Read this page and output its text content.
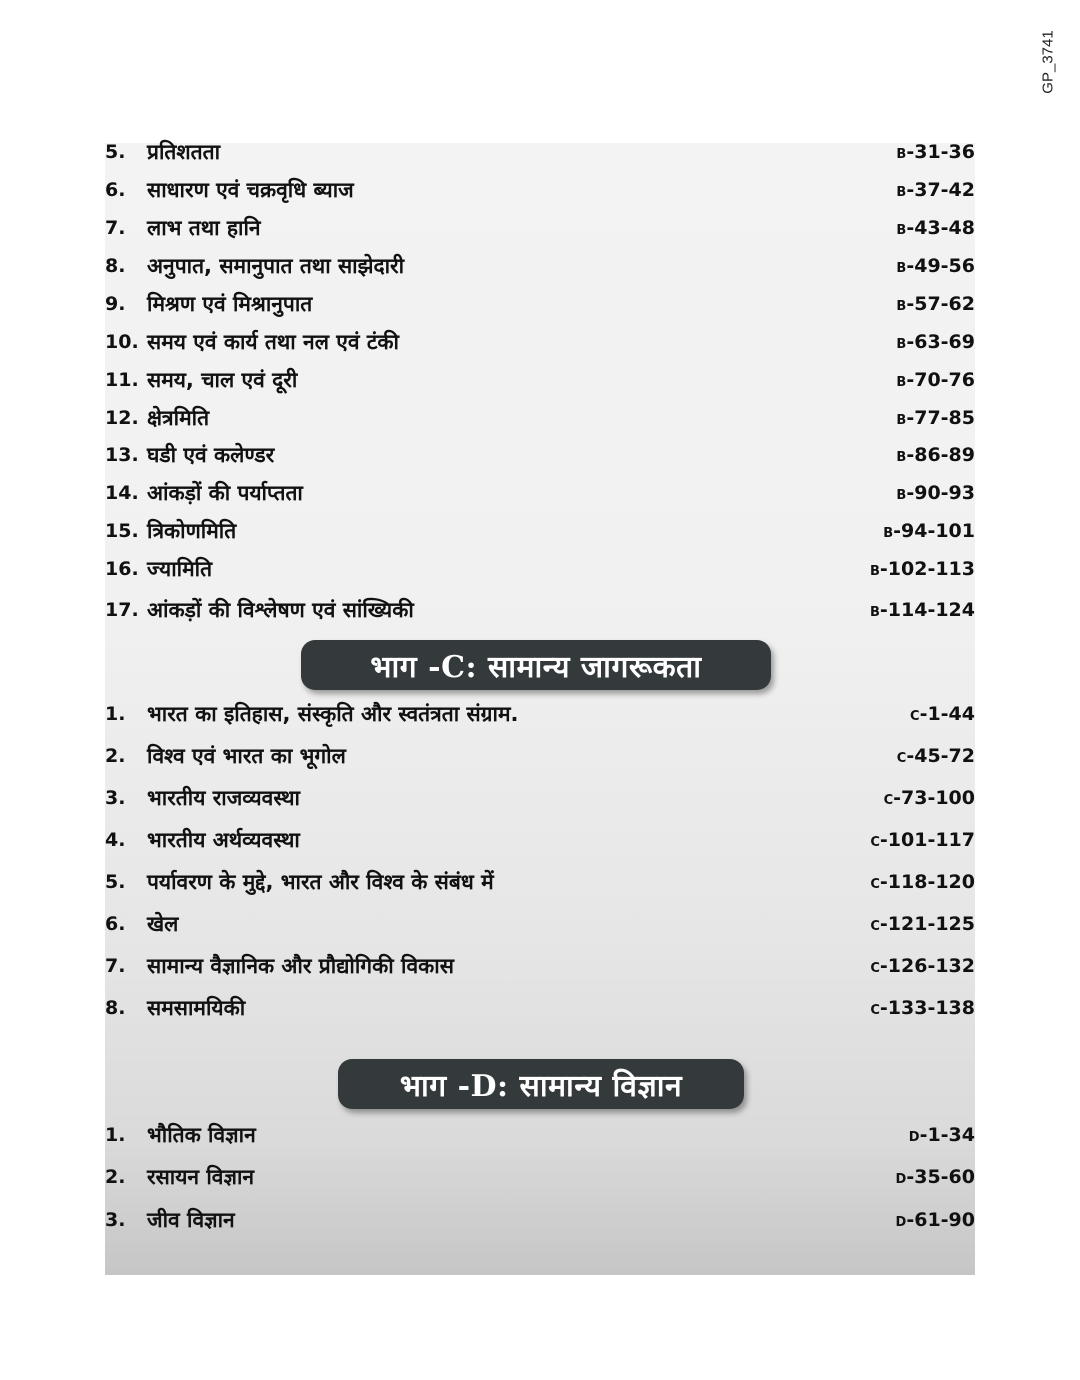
GP_3741
5.	प्रतिशतता	B-31-36
6.	साधारण एवं चक्रवृधि ब्याज	B-37-42
7.	लाभ तथा हानि	B-43-48
8.	अनुपात, समानुपात तथा साझेदारी	B-49-56
9.	मिश्रण एवं मिश्रानुपात	B-57-62
10. समय एवं कार्य तथा नल एवं टंकी	B-63-69
11. समय, चाल एवं दूरी	B-70-76
12. क्षेत्रमिति	B-77-85
13. घडी एवं कलेण्डर	B-86-89
14. आंकड़ों की पर्याप्तता	B-90-93
15. त्रिकोणमिति	B-94-101
16. ज्यामिति	B-102-113
17. आंकड़ों की विश्लेषण एवं सांख्यिकी	B-114-124
भाग -C: सामान्य जागरूकता
1.	भारत का इतिहास, संस्कृति और स्वतंत्रता संग्राम.	C-1-44
2.	विश्व एवं भारत का भूगोल	C-45-72
3.	भारतीय राजव्यवस्था	C-73-100
4.	भारतीय अर्थव्यवस्था	C-101-117
5.	पर्यावरण के मुद्दे, भारत और विश्व के संबंध में	C-118-120
6.	खेल	C-121-125
7.	सामान्य वैज्ञानिक और प्रौद्योगिकी विकास	C-126-132
8.	समसामयिकी	C-133-138
भाग -D: सामान्य विज्ञान
1.	भौतिक विज्ञान	D-1-34
2.	रसायन विज्ञान	D-35-60
3.	जीव विज्ञान	D-61-90
